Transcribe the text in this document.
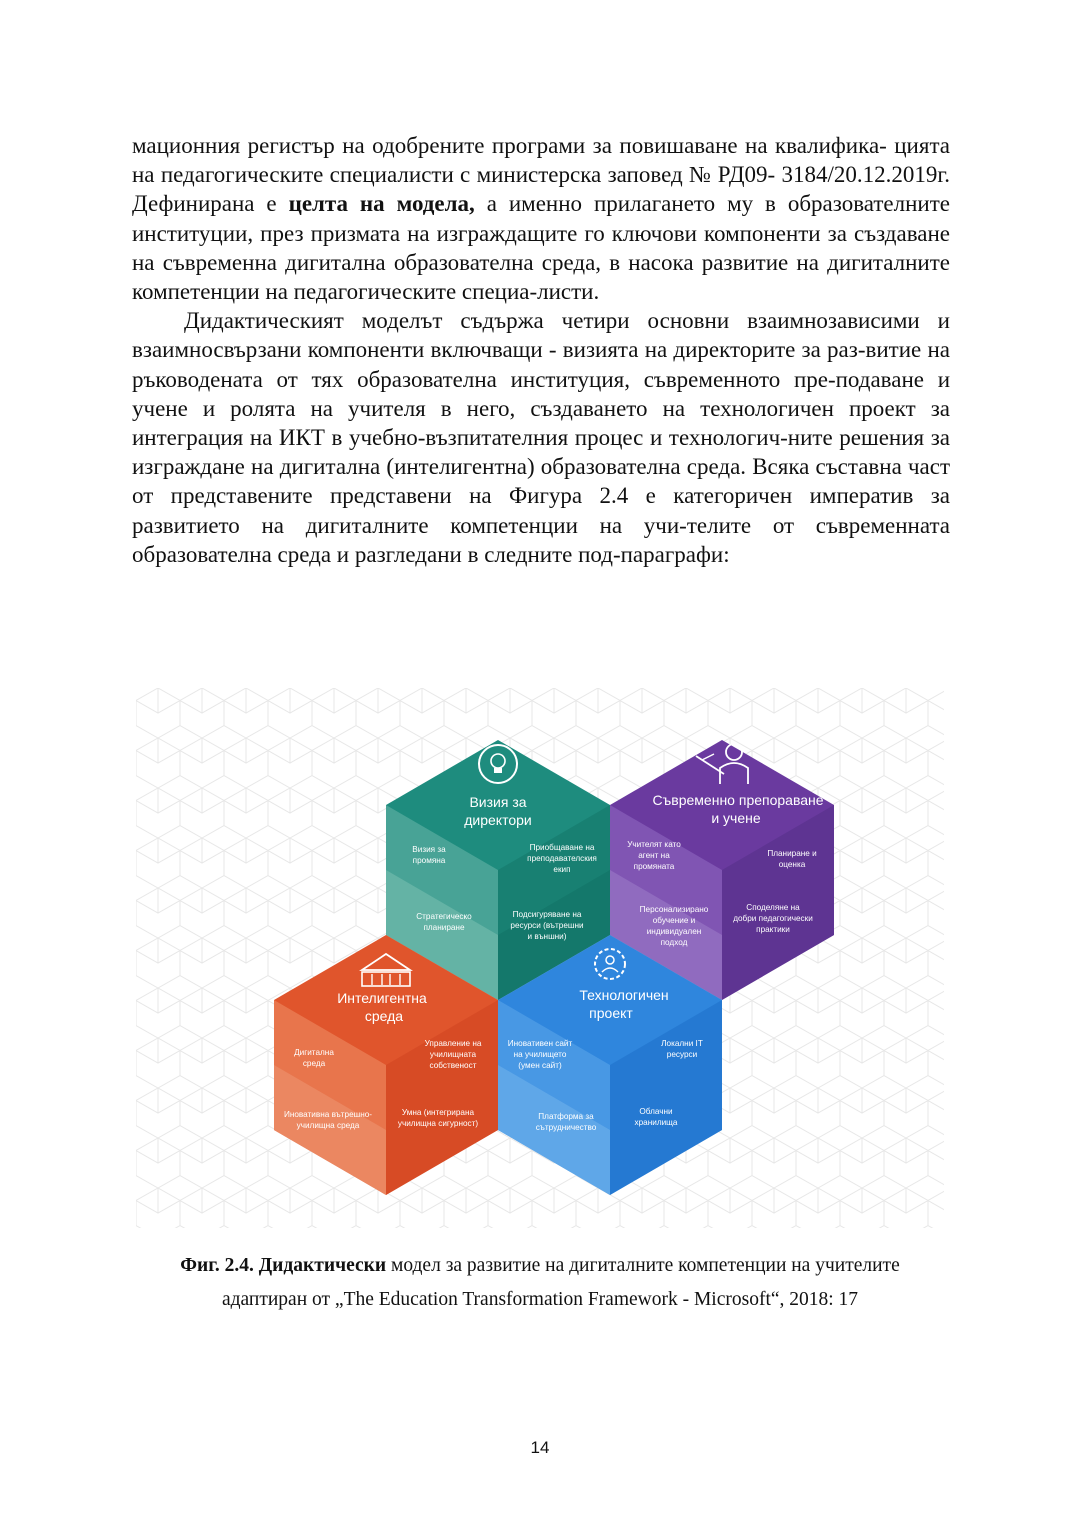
мационния регистър на одобрените програми за повишаване на квалифика- цията на педагогическите специалисти с министерска заповед № РД09- 3184/20.12.2019г. Дефинирана е целта на модела, а именно прилагането му в образователните институции, през призмата на изграждащите го ключови компоненти за създаване на съвременна дигитална образователна среда, в насока развитие на дигиталните компетенции на педагогическите специа-листи.

Дидактическият моделът съдържа четири основни взаимнозависими и взаимносвързани компоненти включващи - визията на директорите за раз-витие на ръководената от тях образователна институция, съвременното пре-подаване и учене и ролята на учителя в него, създаването на технологичен проект за интеграция на ИКТ в учебно-възпитателния процес и технологич-ните решения за изграждане на дигитална (интелигентна) образователна среда. Всяка съставна част от представените представени на Фигура 2.4 е категоричен императив за развитието на дигиталните компетенции на учи-телите от съвременната образователна среда и разгледани в следните под-параграфи:

Визия за
директори
Визия за
промяна
Приобщаване на
преподавателския
екип
Стратегическо
планиране
Подсигуряване на
ресурси (вътрешни
и външни)
Съвременно препораване
и учене
Учителят като
агент на
промяната
Планиране и
оценка
Персонализирано
обучение и
индивидуален
подход
Споделяне на
добри педагогически
практики
Интелигентна
среда
Дигитална
среда
Управление на
училищната
собственост
Иновативна вътрешно-
училищна среда
Умна (интегрирана
училищна сигурност)
Технологичен
проект
Иновативен сайт
на училището
(умен сайт)
Локални IT
ресурси
Платформа за
сътрудничество
Облачни
хранилища
Фиг. 2.4. Дидактически модел за развитие на дигиталните компетенции на учителите
адаптиран от „The Education Transformation Framework - Microsoft“, 2018: 17
14
